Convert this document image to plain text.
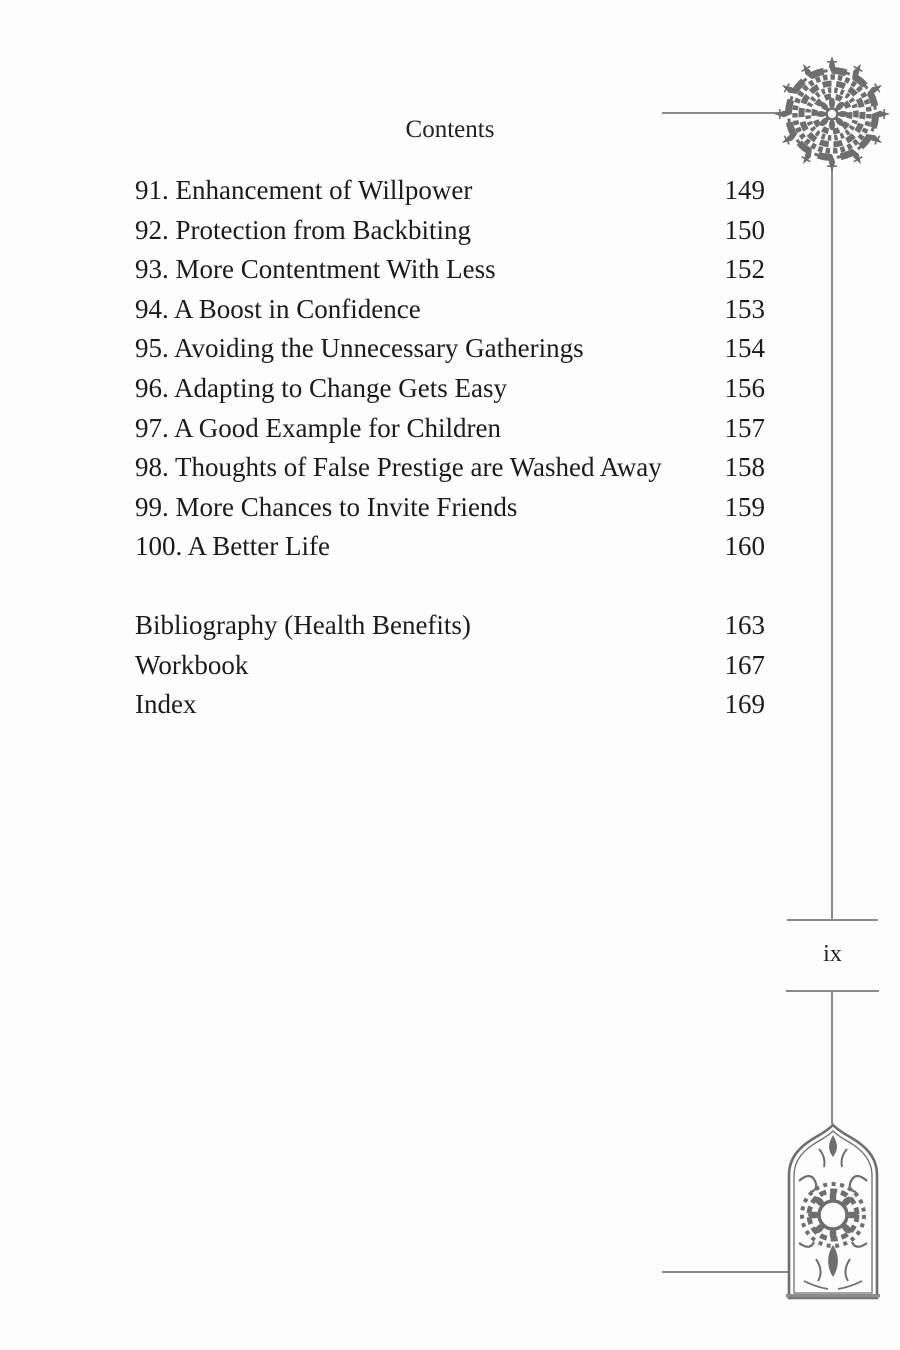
Contents
91. Enhancement of Willpower	149
92. Protection from Backbiting	150
93. More Contentment With Less	152
94. A Boost in Confidence	153
95. Avoiding the Unnecessary Gatherings	154
96. Adapting to Change Gets Easy	156
97. A Good Example for Children	157
98. Thoughts of False Prestige are Washed Away 158
99. More Chances to Invite Friends	159
100. A Better Life	160
Bibliography (Health Benefits)	163
Workbook	167
Index	169
ix
